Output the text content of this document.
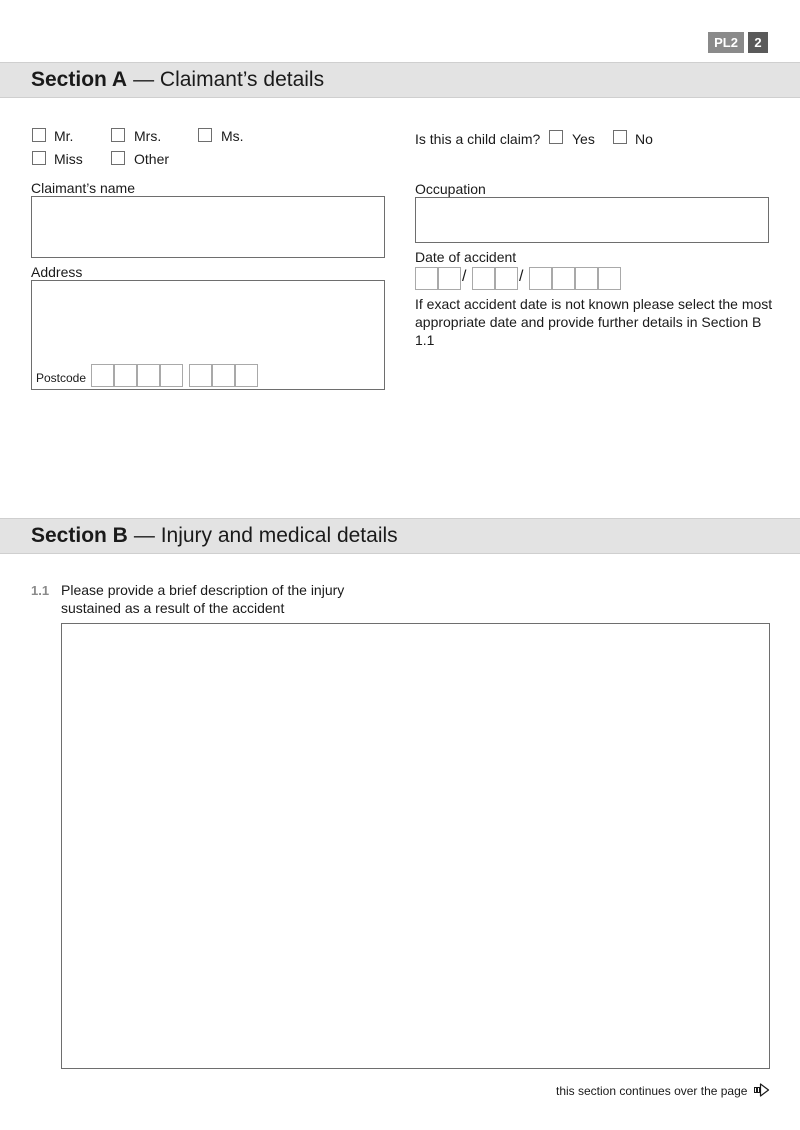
PL2	2
Section A — Claimant’s details
Mr.	Mrs.	Ms.
Miss	Other
Is this a child claim? Yes	No
Claimant’s name	Occupation
Address
Postcode
Date of accident
/	/
If exact accident date is not known please select the most appropriate date and provide further details in Section B 1.1
Section B — Injury and medical details
1.1 Please provide a brief description of the injury
sustained as a result of the accident
this section continues over the page
